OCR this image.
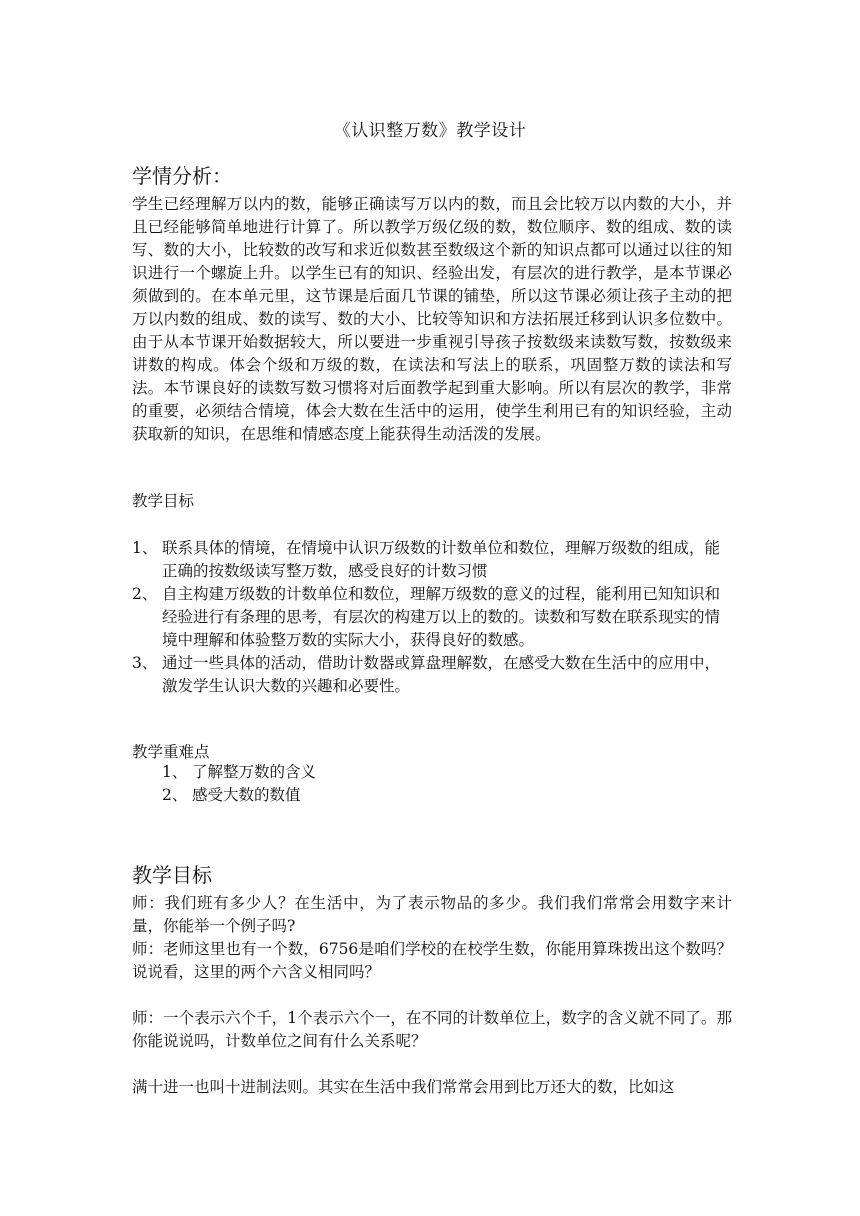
《认识整万数》教学设计
学情分析：
学生已经理解万以内的数，能够正确读写万以内的数，而且会比较万以内数的大小，并且已经能够简单地进行计算了。所以教学万级亿级的数，数位顺序、数的组成、数的读写、数的大小，比较数的改写和求近似数甚至数级这个新的知识点都可以通过以往的知识进行一个螺旋上升。以学生已有的知识、经验出发，有层次的进行教学，是本节课必须做到的。在本单元里，这节课是后面几节课的铺垫，所以这节课必须让孩子主动的把万以内数的组成、数的读写、数的大小、比较等知识和方法拓展迁移到认识多位数中。由于从本节课开始数据较大，所以要进一步重视引导孩子按数级来读数写数，按数级来讲数的构成。体会个级和万级的数，在读法和写法上的联系，巩固整万数的读法和写法。本节课良好的读数写数习惯将对后面教学起到重大影响。所以有层次的教学，非常的重要，必须结合情境，体会大数在生活中的运用，使学生利用已有的知识经验，主动获取新的知识，在思维和情感态度上能获得生动活泼的发展。
教学目标
1、 联系具体的情境，在情境中认识万级数的计数单位和数位，理解万级数的组成，能正确的按数级读写整万数，感受良好的计数习惯
2、 自主构建万级数的计数单位和数位，理解万级数的意义的过程，能利用已知知识和经验进行有条理的思考，有层次的构建万以上的数的。读数和写数在联系现实的情境中理解和体验整万数的实际大小，获得良好的数感。
3、 通过一些具体的活动，借助计数器或算盘理解数，在感受大数在生活中的应用中，激发学生认识大数的兴趣和必要性。
教学重难点
1、 了解整万数的含义
2、 感受大数的数值
教学目标

师：我们班有多少人？在生活中，为了表示物品的多少。我们我们常常会用数字来计量，你能举一个例子吗?

师：老师这里也有一个数，6756是咱们学校的在校学生数，你能用算珠拨出这个数吗？说说看，这里的两个六含义相同吗？

师：一个表示六个千，1个表示六个一，在不同的计数单位上，数字的含义就不同了。那你能说说吗，计数单位之间有什么关系呢？

满十进一也叫十进制法则。其实在生活中我们常常会用到比万还大的数，比如这
